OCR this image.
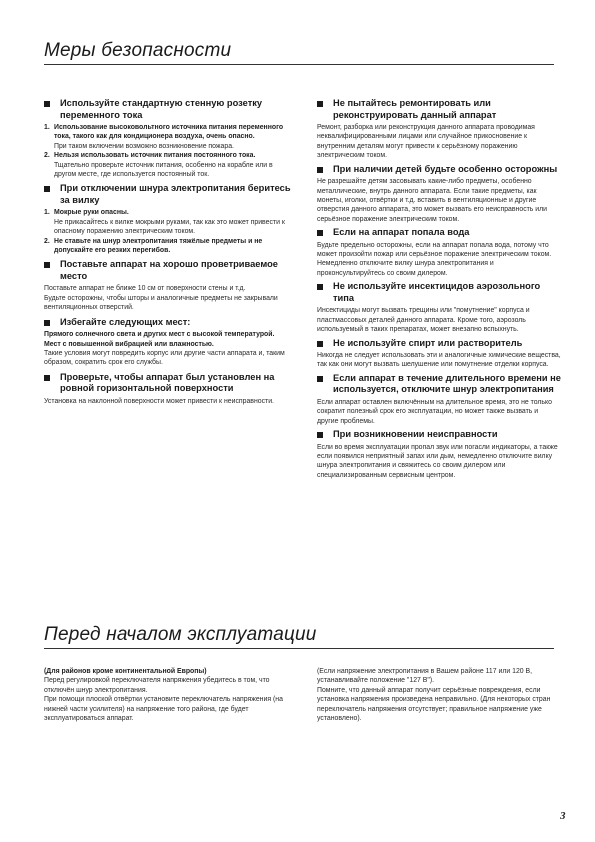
Меры безопасности

Используйте стандартную стенную розетку переменного тока

1. Использование высоковольтного источника питания переменного тока, такого как для кондиционера воздуха, очень опасно.

При таком включении возможно возникновение пожара.

2. Нельзя использовать источник питания постоянного тока.

Тщательно проверьте источник питания, особенно на корабле или в другом месте, где используется постоянный ток.

При отключении шнура электропитания беритесь за вилку

1. Мокрые руки опасны.

Не прикасайтесь к вилке мокрыми руками, так как это может привести к опасному поражению электрическим током.

2. Не ставьте на шнур электропитания тяжёлые предметы и не допускайте его резких перегибов.

Поставьте аппарат на хорошо проветриваемое место

Поставьте аппарат не ближе 10 см от поверхности стены и т.д.

Будьте осторожны, чтобы шторы и аналогичные предметы не закрывали вентиляционных отверстий.

Избегайте следующих мест:

Прямого солнечного света и других мест с высокой температурой.

Мест с повышенной вибрацией или влажностью.

Такие условия могут повредить корпус или другие части аппарата и, таким образом, сократить срок его службы.

Проверьте, чтобы аппарат был установлен на ровной горизонтальной поверхности

Установка на наклонной поверхности может привести к неисправности.

Не пытайтесь ремонтировать или реконструировать данный аппарат

Ремонт, разборка или реконструкция данного аппарата проводимая неквалифицированными лицами или случайное прикосновение к внутренним деталям могут привести к серьёзному поражению электрическим током.

При наличии детей будьте особенно осторожны

Не разрешайте детям засовывать какие-либо предметы, особенно металлические, внутрь данного аппарата. Если такие предметы, как монеты, иголки, отвёртки и т.д. вставить в вентиляционные и другие отверстия данного аппарата, это может вызвать его неисправность или серьёзное поражение электрическим током.

Если на аппарат попала вода

Будьте предельно осторожны, если на аппарат попала вода, потому что может произойти пожар или серьёзное поражение электрическим током. Немедленно отключите вилку шнура электропитания и проконсультируйтесь со своим дилером.

Не используйте инсектицидов аэрозольного типа

Инсектициды могут вызвать трещины или "помутнение" корпуса и пластмассовых деталей данного аппарата. Кроме того, аэрозоль используемый в таких препаратах, может внезапно вспыхнуть.

Не используйте спирт или растворитель

Никогда не следует использовать эти и аналогичные химические вещества, так как они могут вызвать шелушение или помутнение отделки корпуса.

Если аппарат в течение длительного времени не используется, отключите шнур электропитания

Если аппарат оставлен включённым на длительное время, это не только сократит полезный срок его эксплуатации, но может также вызвать и другие проблемы.

При возникновении неисправности

Если во время эксплуатации пропал звук или погасли индикаторы, а также если появился неприятный запах или дым, немедленно отключите вилку шнура электропитания и свяжитесь со своим дилером или специализированным сервисным центром.

Перед началом эксплуатации

(Для районов кроме континентальной Европы)

Перед регулировкой переключателя напряжения убедитесь в том, что отключён шнур электропитания.

При помощи плоской отвёртки установите переключатель напряжения (на нижней части усилителя) на напряжение того района, где будет эксплуатироваться аппарат.

(Если напряжение электропитания в Вашем районе 117 или 120 В, устанавливайте положение "127 В").

Помните, что данный аппарат получит серьёзные повреждения, если установка напряжения произведена неправильно. (Для некоторых стран переключатель напряжения отсутствует; правильное напряжение уже установлено).

3
